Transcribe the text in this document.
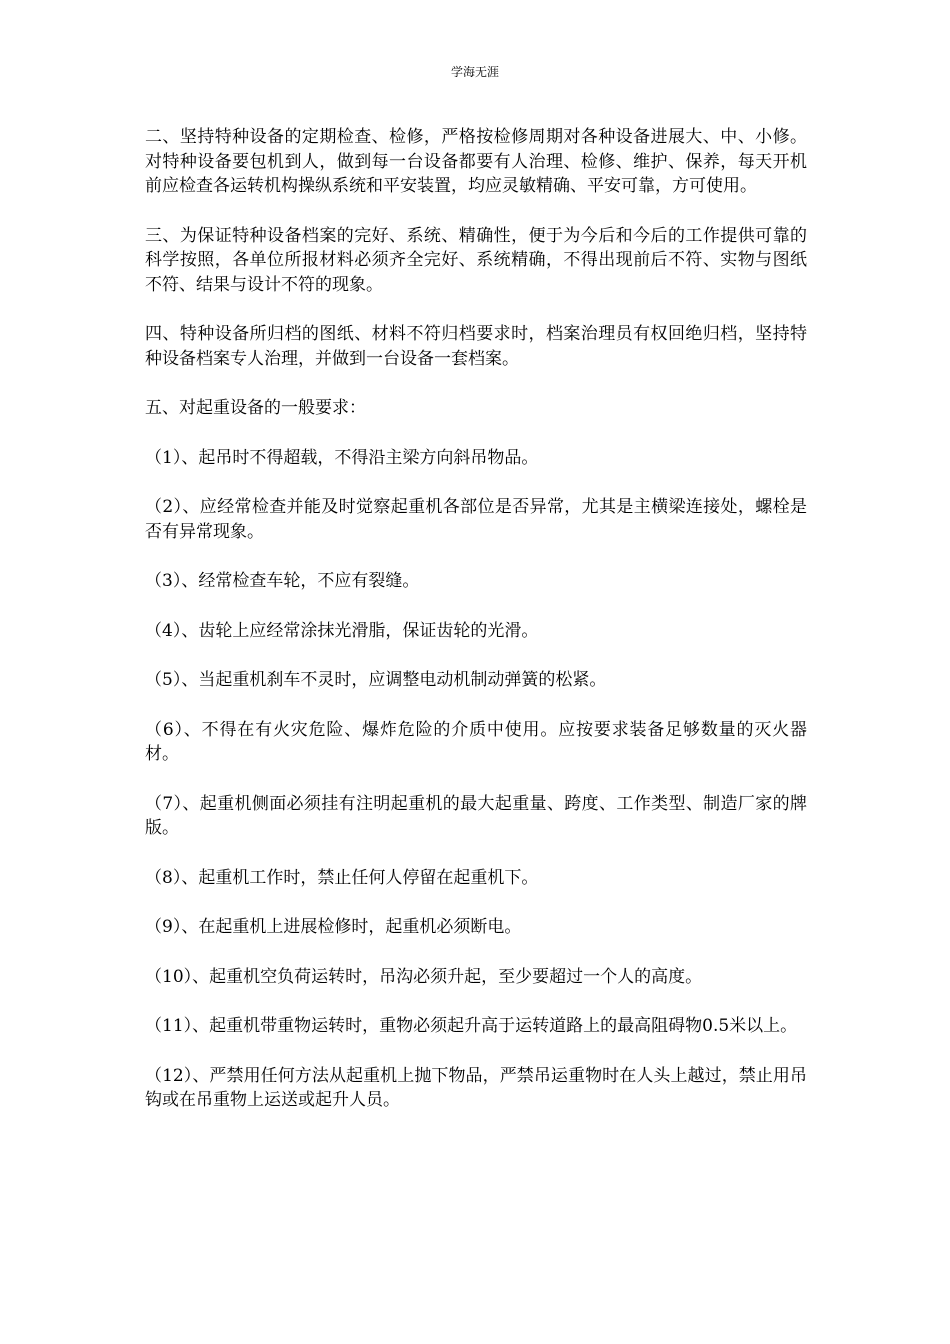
学海无涯

二、坚持特种设备的定期检查、检修，严格按检修周期对各种设备进展大、中、小修。对特种设备要包机到人，做到每一台设备都要有人治理、检修、维护、保养，每天开机前应检查各运转机构操纵系统和平安装置，均应灵敏精确、平安可靠，方可使用。

三、为保证特种设备档案的完好、系统、精确性，便于为今后和今后的工作提供可靠的科学按照，各单位所报材料必须齐全完好、系统精确，不得出现前后不符、实物与图纸不符、结果与设计不符的现象。

四、特种设备所归档的图纸、材料不符归档要求时，档案治理员有权回绝归档，坚持特种设备档案专人治理，并做到一台设备一套档案。

五、对起重设备的一般要求：

（1）、起吊时不得超载，不得沿主梁方向斜吊物品。

（2）、应经常检查并能及时觉察起重机各部位是否异常，尤其是主横梁连接处，螺栓是否有异常现象。

（3）、经常检查车轮，不应有裂缝。

（4）、齿轮上应经常涂抹光滑脂，保证齿轮的光滑。

（5）、当起重机刹车不灵时，应调整电动机制动弹簧的松紧。

（6）、不得在有火灾危险、爆炸危险的介质中使用。应按要求装备足够数量的灭火器材。

（7）、起重机侧面必须挂有注明起重机的最大起重量、跨度、工作类型、制造厂家的牌版。

（8）、起重机工作时，禁止任何人停留在起重机下。

（9）、在起重机上进展检修时，起重机必须断电。

（10）、起重机空负荷运转时，吊沟必须升起，至少要超过一个人的高度。

（11）、起重机带重物运转时，重物必须起升高于运转道路上的最高阻碍物0.5米以上。

（12）、严禁用任何方法从起重机上抛下物品，严禁吊运重物时在人头上越过，禁止用吊钩或在吊重物上运送或起升人员。
